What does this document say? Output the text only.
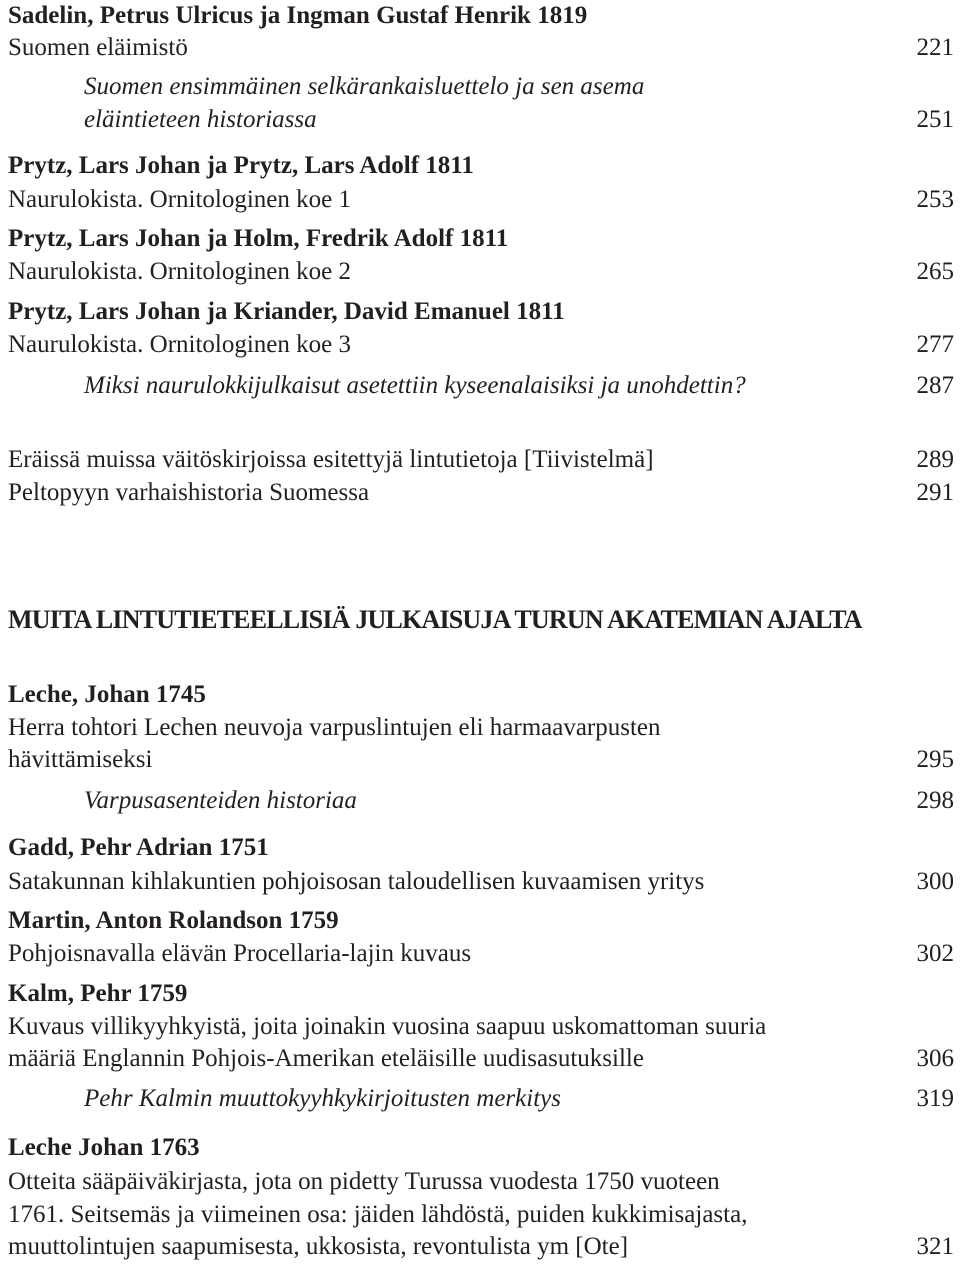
Sadelin, Petrus Ulricus ja Ingman Gustaf Henrik 1819
Suomen eläimistö	221
Suomen ensimmäinen selkärankaisluettelo ja sen asema
eläintieteen historiassa	251
Prytz, Lars Johan ja Prytz, Lars Adolf 1811
Naurulokista. Ornitologinen koe 1	253
Prytz, Lars Johan ja Holm, Fredrik Adolf 1811
Naurulokista. Ornitologinen koe 2	265
Prytz, Lars Johan ja Kriander, David Emanuel 1811
Naurulokista. Ornitologinen koe 3	277
Miksi naurulokkijulkaisut asetettiin kyseenalaisiksi ja unohdettin?	287
Eräissä muissa väitöskirjoissa esitettyjä lintutietoja [Tiivistelmä]	289
Peltopyyn varhaishistoria Suomessa	291
MUITA LINTUTIETEELLISIÄ JULKAISUJA TURUN AKATEMIAN AJALTA
Leche, Johan 1745
Herra tohtori Lechen neuvoja varpuslintujen eli harmaavarpusten
hävittämiseksi	295
Varpusasenteiden historiaa	298
Gadd, Pehr Adrian 1751
Satakunnan kihlakuntien pohjoisosan taloudellisen kuvaamisen yritys	300
Martin, Anton Rolandson 1759
Pohjoisnavalla elävän Procellaria-lajin kuvaus	302
Kalm, Pehr 1759
Kuvaus villikyyhkyistä, joita joinakin vuosina saapuu uskomattoman suuria
määriä Englannin Pohjois-Amerikan eteläisille uudisasutuksille	306
Pehr Kalmin muuttokyyhkykirjoitusten merkitys	319
Leche Johan 1763
Otteita sääpäiväkirjasta, jota on pidetty Turussa vuodesta 1750 vuoteen
1761. Seitsemäs ja viimeinen osa: jäiden lähdöstä, puiden kukkimisajasta,
muuttolintujen saapumisesta, ukkosista, revontulista ym [Ote]	321
